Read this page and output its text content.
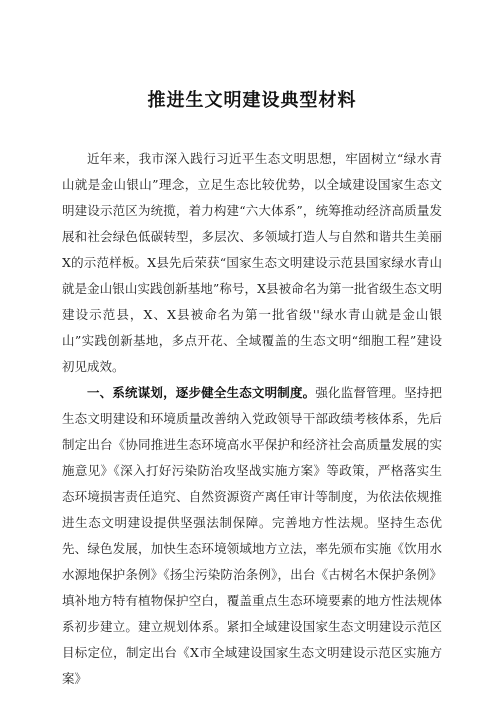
推进生文明建设典型材料

近年来，我市深入践行习近平生态文明思想，牢固树立“绿水青山就是金山银山”理念，立足生态比较优势，以全域建设国家生态文明建设示范区为统揽，着力构建“六大体系”，统筹推动经济高质量发展和社会绿色低碳转型，多层次、多领域打造人与自然和谐共生美丽X的示范样板。X县先后荣获“国家生态文明建设示范县国家绿水青山就是金山银山实践创新基地”称号，X县被命名为第一批省级生态文明建设示范县，X、X县被命名为第一批省级''绿水青山就是金山银山”实践创新基地，多点开花、全域覆盖的生态文明“细胞工程”建设初见成效。

一、系统谋划，逐步健全生态文明制度。强化监督管理。坚持把生态文明建设和环境质量改善纳入党政领导干部政绩考核体系，先后制定出台《协同推进生态环境高水平保护和经济社会高质量发展的实施意见》《深入打好污染防治攻坚战实施方案》等政策，严格落实生态环境损害责任追究、自然资源资产离任审计等制度，为依法依规推进生态文明建设提供坚强法制保障。完善地方性法规。坚持生态优先、绿色发展，加快生态环境领域地方立法，率先颁布实施《饮用水水源地保护条例》《扬尘污染防治条例》，出台《古树名木保护条例》填补地方特有植物保护空白，覆盖重点生态环境要素的地方性法规体系初步建立。建立规划体系。紧扣全域建设国家生态文明建设示范区目标定位，制定出台《X市全域建设国家生态文明建设示范区实施方案》
